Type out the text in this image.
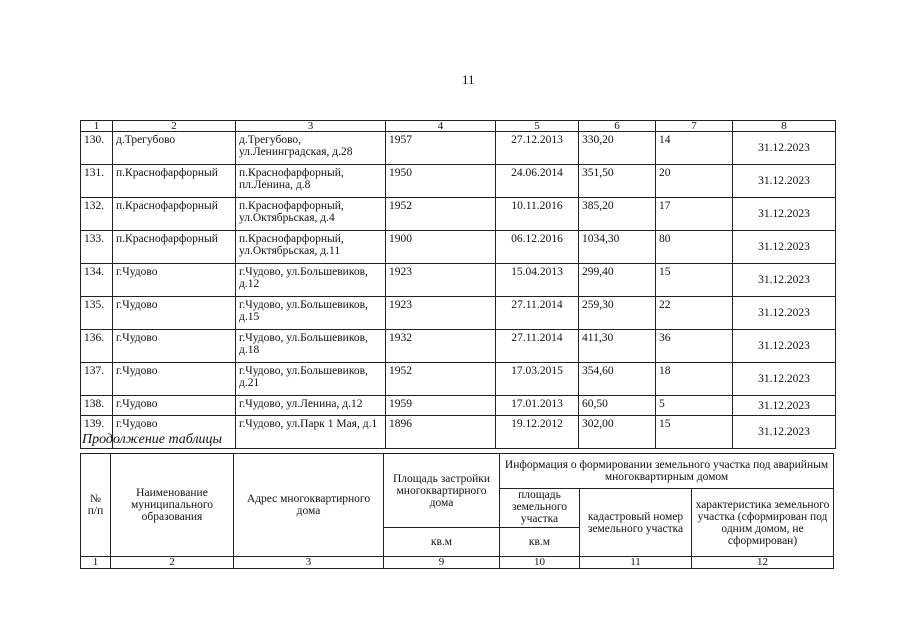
11
1	2	3	4	5	6	7	8
130.	д.Трегубово	д.Трегубово, ул.Ленинградская, д.28	1957	27.12.2013	330,20	14	31.12.2023
131.	п.Краснофарфорный	п.Краснофарфорный, пл.Ленина, д.8	1950	24.06.2014	351,50	20	31.12.2023
132.	п.Краснофарфорный	п.Краснофарфорный, ул.Октябрьская, д.4	1952	10.11.2016	385,20	17	31.12.2023
133.	п.Краснофарфорный	п.Краснофарфорный, ул.Октябрьская, д.11	1900	06.12.2016	1034,30	80	31.12.2023
134.	г.Чудово	г.Чудово, ул.Большевиков, д.12	1923	15.04.2013	299,40	15	31.12.2023
135.	г.Чудово	г.Чудово, ул.Большевиков, д.15	1923	27.11.2014	259,30	22	31.12.2023
136.	г.Чудово	г.Чудово, ул.Большевиков, д.18	1932	27.11.2014	411,30	36	31.12.2023
137.	г.Чудово	г.Чудово, ул.Большевиков, д.21	1952	17.03.2015	354,60	18	31.12.2023
138.	г.Чудово	г.Чудово, ул.Ленина, д.12	1959	17.01.2013	60,50	5	31.12.2023
139.	г.Чудово	г.Чудово, ул.Парк 1 Мая, д.1	1896	19.12.2012	302,00	15	31.12.2023
Продолжение таблицы
№ п/п	Наименование муниципального образования	Адрес многоквартирного дома	Площадь застройки многоквартирного дома	Информация о формировании земельного участка под аварийным многоквартирным домом		
				площадь земельного участка	кадастровый номер земельного участка	характеристика земельного участка (сформирован под одним домом, не сформирован)
			кв.м	кв.м		
1	2	3	9	10	11	12
